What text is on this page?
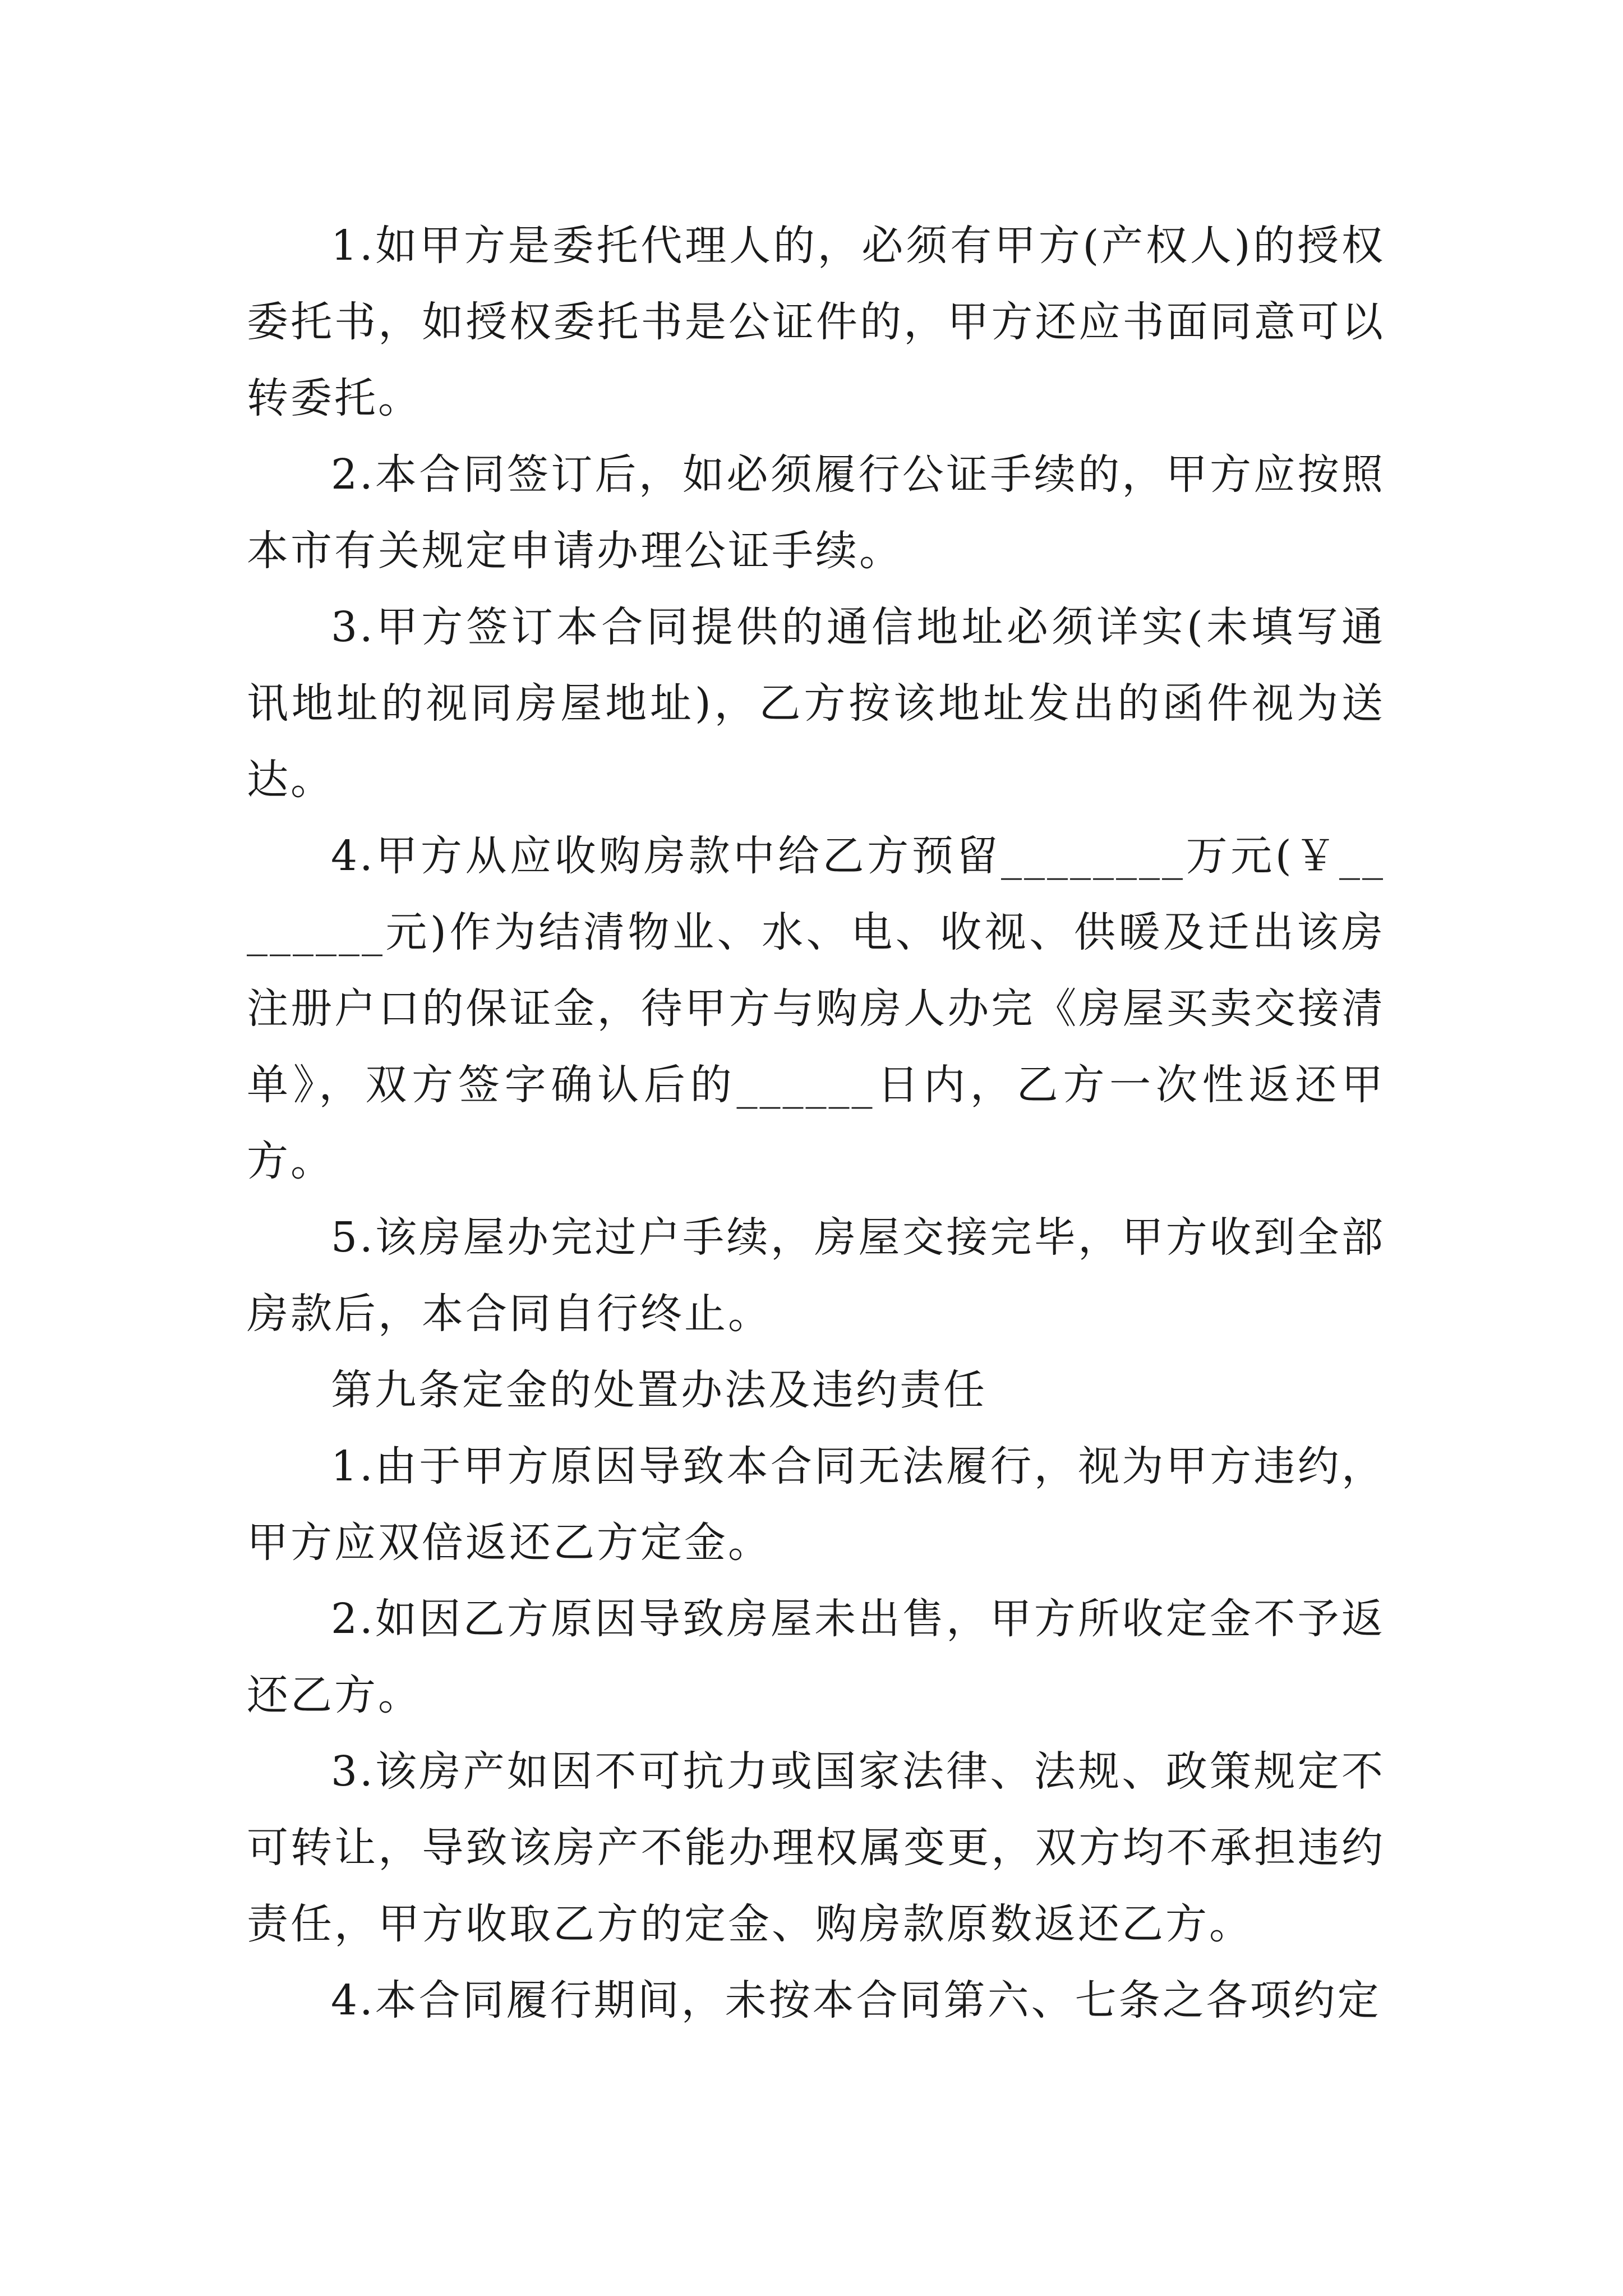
1.如甲方是委托代理人的，必须有甲方(产权人)的授权委托书，如授权委托书是公证件的，甲方还应书面同意可以转委托。

2.本合同签订后，如必须履行公证手续的，甲方应按照本市有关规定申请办理公证手续。

3.甲方签订本合同提供的通信地址必须详实(未填写通讯地址的视同房屋地址)，乙方按该地址发出的函件视为送达。

4.甲方从应收购房款中给乙方预留________万元(￥________元)作为结清物业、水、电、收视、供暖及迁出该房注册户口的保证金，待甲方与购房人办完《房屋买卖交接清单》，双方签字确认后的______日内，乙方一次性返还甲方。

5.该房屋办完过户手续，房屋交接完毕，甲方收到全部房款后，本合同自行终止。

第九条定金的处置办法及违约责任

1.由于甲方原因导致本合同无法履行，视为甲方违约，甲方应双倍返还乙方定金。

2.如因乙方原因导致房屋未出售，甲方所收定金不予返还乙方。

3.该房产如因不可抗力或国家法律、法规、政策规定不可转让，导致该房产不能办理权属变更，双方均不承担违约责任，甲方收取乙方的定金、购房款原数返还乙方。

4.本合同履行期间，未按本合同第六、七条之各项约定
